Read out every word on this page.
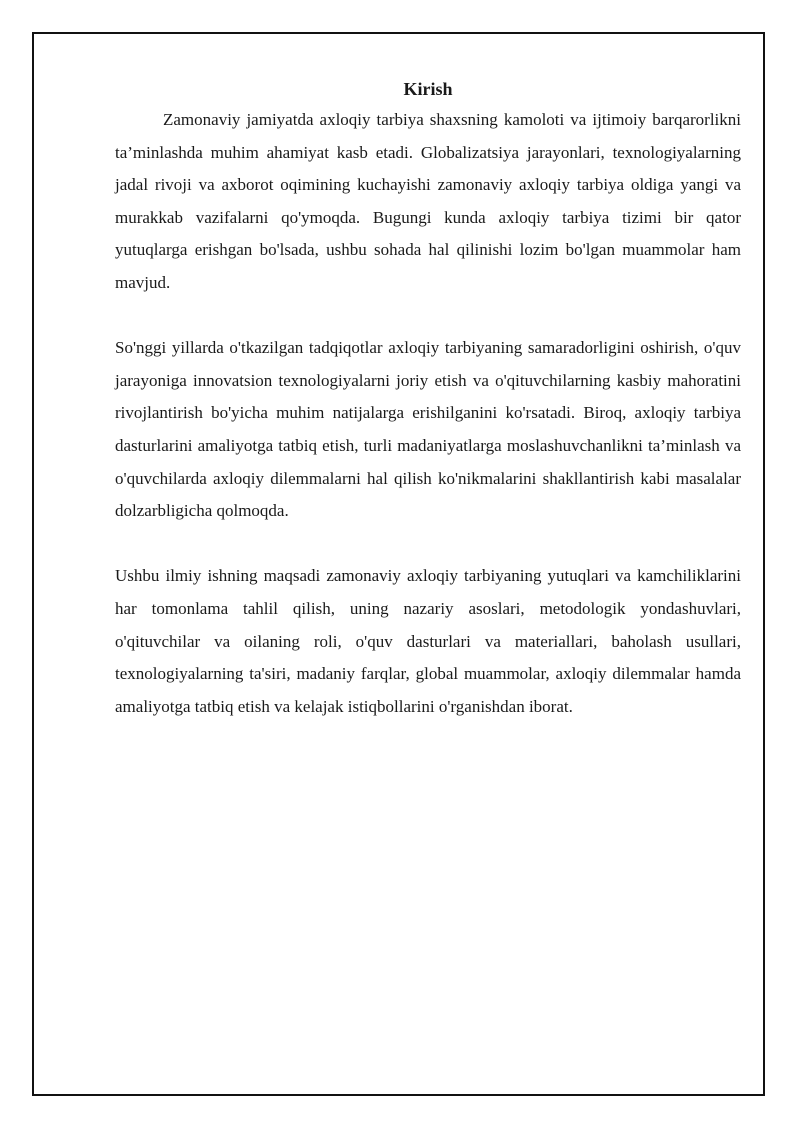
Kirish

Zamonaviy jamiyatda axloqiy tarbiya shaxsning kamoloti va ijtimoiy barqarorlikni ta’minlashda muhim ahamiyat kasb etadi. Globalizatsiya jarayonlari, texnologiyalarning jadal rivoji va axborot oqimining kuchayishi zamonaviy axloqiy tarbiya oldiga yangi va murakkab vazifalarni qo'ymoqda. Bugungi kunda axloqiy tarbiya tizimi bir qator yutuqlarga erishgan bo'lsada, ushbu sohada hal qilinishi lozim bo'lgan muammolar ham mavjud.

So'nggi yillarda o'tkazilgan tadqiqotlar axloqiy tarbiyaning samaradorligini oshirish, o'quv jarayoniga innovatsion texnologiyalarni joriy etish va o'qituvchilarning kasbiy mahoratini rivojlantirish bo'yicha muhim natijalarga erishilganini ko'rsatadi. Biroq, axloqiy tarbiya dasturlarini amaliyotga tatbiq etish, turli madaniyatlarga moslashuvchanlikni ta’minlash va o'quvchilarda axloqiy dilemmalarni hal qilish ko'nikmalarini shakllantirish kabi masalalar dolzarbligicha qolmoqda.

Ushbu ilmiy ishning maqsadi zamonaviy axloqiy tarbiyaning yutuqlari va kamchiliklarini har tomonlama tahlil qilish, uning nazariy asoslari, metodologik yondashuvlari, o'qituvchilar va oilaning roli, o'quv dasturlari va materiallari, baholash usullari, texnologiyalarning ta'siri, madaniy farqlar, global muammolar, axloqiy dilemmalar hamda amaliyotga tatbiq etish va kelajak istiqbollarini o'rganishdan iborat.
